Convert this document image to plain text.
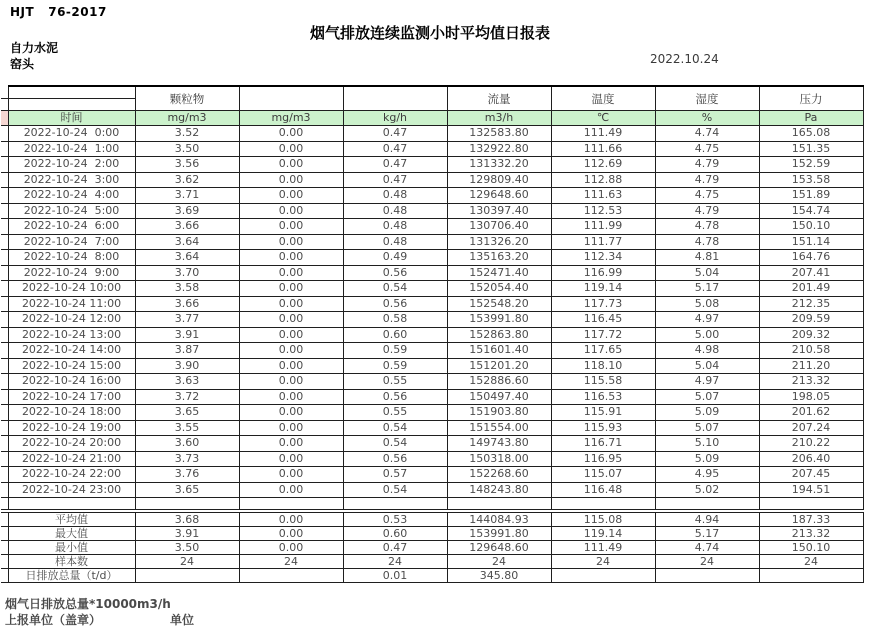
HJT   76-2017
烟气排放连续监测小时平均值日报表
自力水泥
窑头	2022.10.24
		颗粒物			流量	温度	湿度	压力

	时间	mg/m3	mg/m3	kg/h	m3/h	℃	%	Pa
	2022-10-24  0:00	3.52	0.00	0.47	132583.80	111.49	4.74	165.08
	2022-10-24  1:00	3.50	0.00	0.47	132922.80	111.66	4.75	151.35
	2022-10-24  2:00	3.56	0.00	0.47	131332.20	112.69	4.79	152.59
	2022-10-24  3:00	3.62	0.00	0.47	129809.40	112.88	4.79	153.58
	2022-10-24  4:00	3.71	0.00	0.48	129648.60	111.63	4.75	151.89
	2022-10-24  5:00	3.69	0.00	0.48	130397.40	112.53	4.79	154.74
	2022-10-24  6:00	3.66	0.00	0.48	130706.40	111.99	4.78	150.10
	2022-10-24  7:00	3.64	0.00	0.48	131326.20	111.77	4.78	151.14
	2022-10-24  8:00	3.64	0.00	0.49	135163.20	112.34	4.81	164.76
	2022-10-24  9:00	3.70	0.00	0.56	152471.40	116.99	5.04	207.41
	2022-10-24 10:00	3.58	0.00	0.54	152054.40	119.14	5.17	201.49
	2022-10-24 11:00	3.66	0.00	0.56	152548.20	117.73	5.08	212.35
	2022-10-24 12:00	3.77	0.00	0.58	153991.80	116.45	4.97	209.59
	2022-10-24 13:00	3.91	0.00	0.60	152863.80	117.72	5.00	209.32
	2022-10-24 14:00	3.87	0.00	0.59	151601.40	117.65	4.98	210.58
	2022-10-24 15:00	3.90	0.00	0.59	151201.20	118.10	5.04	211.20
	2022-10-24 16:00	3.63	0.00	0.55	152886.60	115.58	4.97	213.32
	2022-10-24 17:00	3.72	0.00	0.56	150497.40	116.53	5.07	198.05
	2022-10-24 18:00	3.65	0.00	0.55	151903.80	115.91	5.09	201.62
	2022-10-24 19:00	3.55	0.00	0.54	151554.00	115.93	5.07	207.24
	2022-10-24 20:00	3.60	0.00	0.54	149743.80	116.71	5.10	210.22
	2022-10-24 21:00	3.73	0.00	0.56	150318.00	116.95	5.09	206.40
	2022-10-24 22:00	3.76	0.00	0.57	152268.60	115.07	4.95	207.45
	2022-10-24 23:00	3.65	0.00	0.54	148243.80	116.48	5.02	194.51

	平均值	3.68	0.00	0.53	144084.93	115.08	4.94	187.33
	最大值	3.91	0.00	0.60	153991.80	119.14	5.17	213.32
	最小值	3.50	0.00	0.47	129648.60	111.49	4.74	150.10
	样本数	24	24	24	24	24	24	24
	日排放总量（t/d）			0.01	345.80			
烟气日排放总量*10000m3/h
上报单位（盖章）	单位
